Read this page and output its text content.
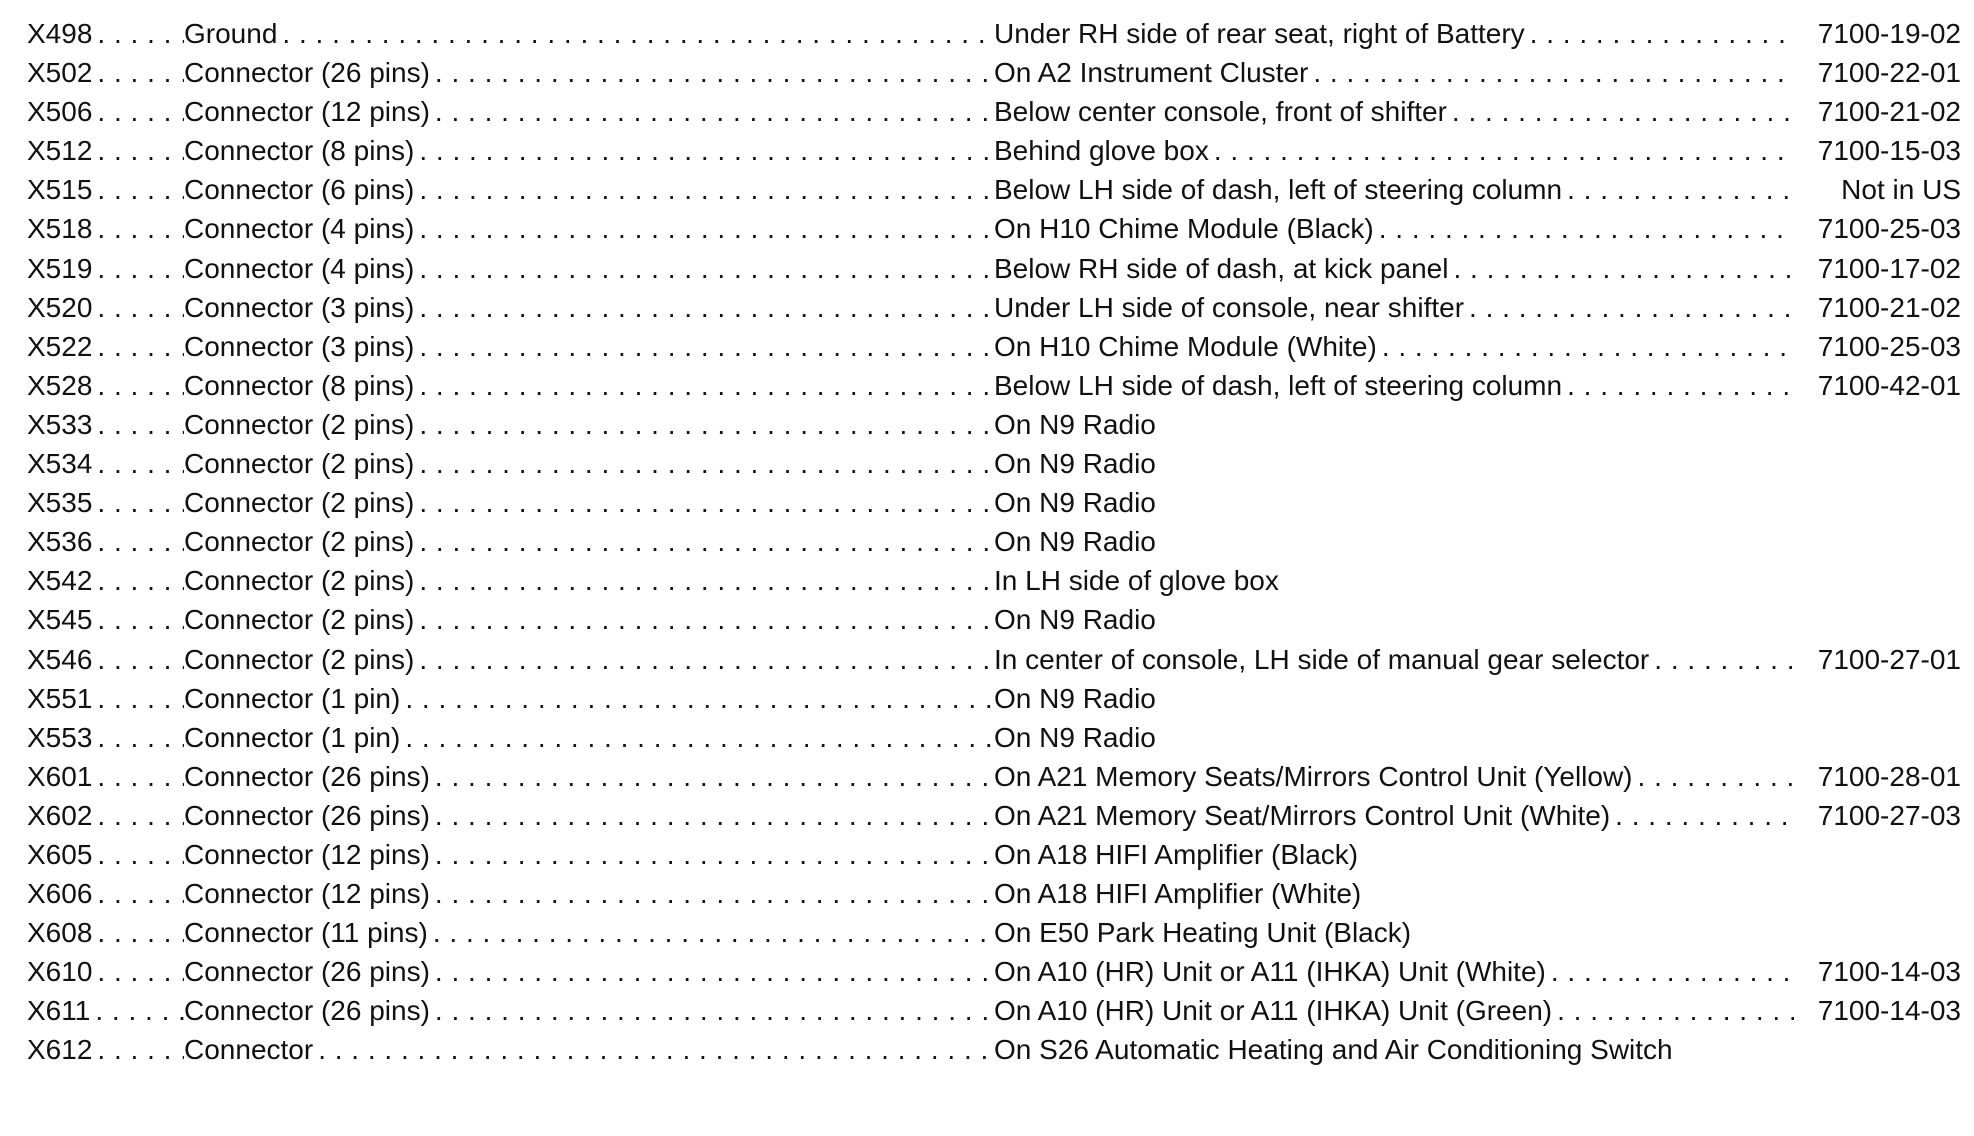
X498 . . .	Ground . . .	Under RH side of rear seat, right of Battery . . .	7100-19-02
X502 . . .	Connector (26 pins) . . .	On A2 Instrument Cluster . . .	7100-22-01
X506 . . .	Connector (12 pins) . . .	Below center console, front of shifter . . .	7100-21-02
X512 . . .	Connector (8 pins) . . .	Behind glove box . . .	7100-15-03
X515 . . .	Connector (6 pins) . . .	Below LH side of dash, left of steering column . . .	Not in US
X518 . . .	Connector (4 pins) . . .	On H10 Chime Module (Black) . . .	7100-25-03
X519 . . .	Connector (4 pins) . . .	Below RH side of dash, at kick panel . . .	7100-17-02
X520 . . .	Connector (3 pins) . . .	Under LH side of console, near shifter . . .	7100-21-02
X522 . . .	Connector (3 pins) . . .	On H10 Chime Module (White) . . .	7100-25-03
X528 . . .	Connector (8 pins) . . .	Below LH side of dash, left of steering column . . .	7100-42-01
X533 . . .	Connector (2 pins) . . .	On N9 Radio
X534 . . .	Connector (2 pins) . . .	On N9 Radio
X535 . . .	Connector (2 pins) . . .	On N9 Radio
X536 . . .	Connector (2 pins) . . .	On N9 Radio
X542 . . .	Connector (2 pins) . . .	In LH side of glove box
X545 . . .	Connector (2 pins) . . .	On N9 Radio
X546 . . .	Connector (2 pins) . . .	In center of console, LH side of manual gear selector . . .	7100-27-01
X551 . . .	Connector (1 pin) . . .	On N9 Radio
X553 . . .	Connector (1 pin) . . .	On N9 Radio
X601 . . .	Connector (26 pins) . . .	On A21 Memory Seats/Mirrors Control Unit (Yellow) . . .	7100-28-01
X602 . . .	Connector (26 pins) . . .	On A21 Memory Seat/Mirrors Control Unit (White) . . .	7100-27-03
X605 . . .	Connector (12 pins) . . .	On A18 HIFI Amplifier (Black)
X606 . . .	Connector (12 pins) . . .	On A18 HIFI Amplifier (White)
X608 . . .	Connector (11 pins) . . .	On E50 Park Heating Unit (Black)
X610 . . .	Connector (26 pins) . . .	On A10 (HR) Unit or A11 (IHKA) Unit (White) . . .	7100-14-03
X611 . . .	Connector (26 pins) . . .	On A10 (HR) Unit or A11 (IHKA) Unit (Green) . . .	7100-14-03
X612 . . .	Connector . . .	On S26 Automatic Heating and Air Conditioning Switch
